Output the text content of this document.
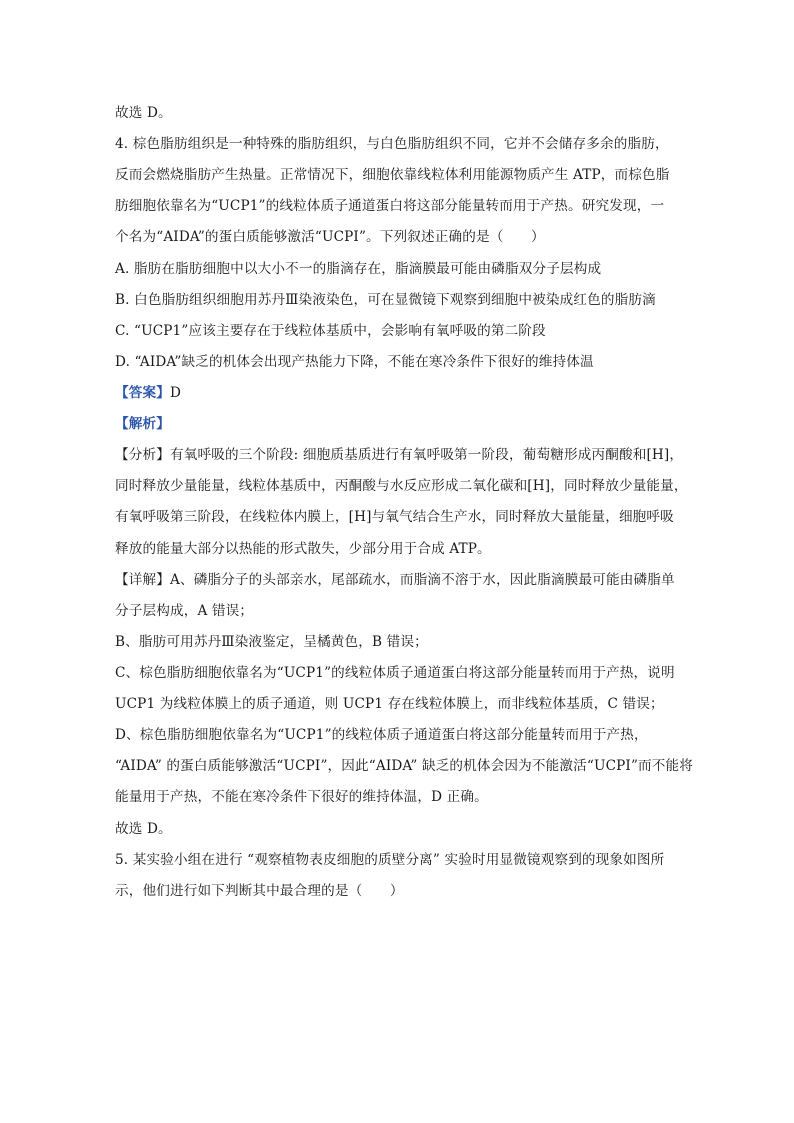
故选 D。
4. 棕色脂肪组织是一种特殊的脂肪组织，与白色脂肪组织不同，它并不会储存多余的脂肪，
反而会燃烧脂肪产生热量。正常情况下，细胞依靠线粒体利用能源物质产生 ATP，而棕色脂
肪细胞依靠名为“UCP1”的线粒体质子通道蛋白将这部分能量转而用于产热。研究发现，一
个名为“AIDA”的蛋白质能够激活“UCPI”。下列叙述正确的是（　　）
A. 脂肪在脂肪细胞中以大小不一的脂滴存在，脂滴膜最可能由磷脂双分子层构成
B. 白色脂肪组织细胞用苏丹Ⅲ染液染色，可在显微镜下观察到细胞中被染成红色的脂肪滴
C. “UCP1”应该主要存在于线粒体基质中，会影响有氧呼吸的第二阶段
D. “AIDA”缺乏的机体会出现产热能力下降，不能在寒冷条件下很好的维持体温
【答案】D
【解析】
【分析】有氧呼吸的三个阶段: 细胞质基质进行有氧呼吸第一阶段，葡萄糖形成丙酮酸和[H]，
同时释放少量能量，线粒体基质中，丙酮酸与水反应形成二氧化碳和[H]，同时释放少量能量，
有氧呼吸第三阶段，在线粒体内膜上，[H]与氧气结合生产水，同时释放大量能量，细胞呼吸
释放的能量大部分以热能的形式散失，少部分用于合成 ATP。
【详解】A、磷脂分子的头部亲水，尾部疏水，而脂滴不溶于水，因此脂滴膜最可能由磷脂单
分子层构成，A 错误；
B、脂肪可用苏丹Ⅲ染液鉴定，呈橘黄色，B 错误；
C、棕色脂肪细胞依靠名为“UCP1”的线粒体质子通道蛋白将这部分能量转而用于产热，说明
UCP1 为线粒体膜上的质子通道，则 UCP1 存在线粒体膜上，而非线粒体基质，C 错误；
D、棕色脂肪细胞依靠名为“UCP1”的线粒体质子通道蛋白将这部分能量转而用于产热，
“AIDA” 的蛋白质能够激活“UCPI”，因此“AIDA” 缺乏的机体会因为不能激活“UCPI”而不能将
能量用于产热，不能在寒冷条件下很好的维持体温，D 正确。
故选 D。
5. 某实验小组在进行 “观察植物表皮细胞的质壁分离” 实验时用显微镜观察到的现象如图所
示，他们进行如下判断其中最合理的是（　　）
